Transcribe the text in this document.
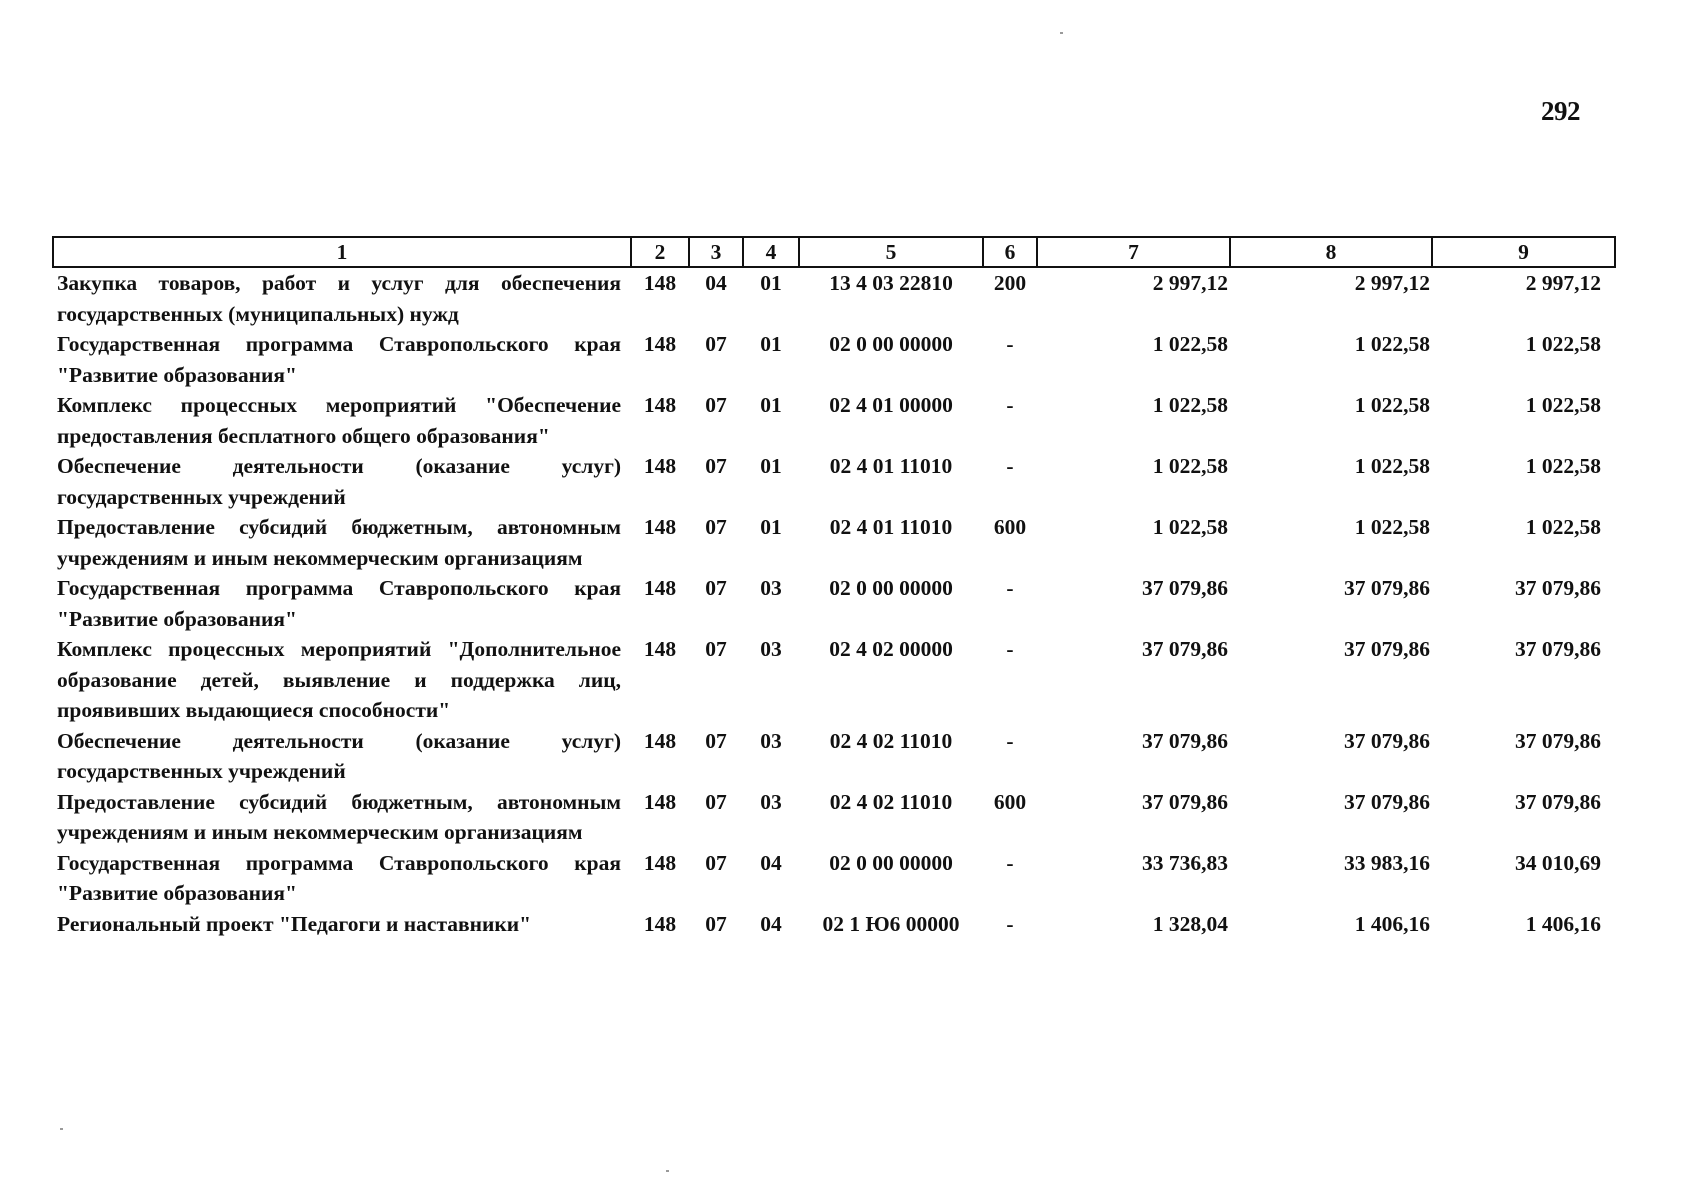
292
1	2	3	4	5	6	7	8	9
Закупка товаров, работ и услуг для обеспечения государственных (муниципальных) нужд	148	04	01	13 4 03 22810	200	2 997,12	2 997,12	2 997,12
Государственная программа Ставропольского края "Развитие образования"	148	07	01	02 0 00 00000	-	1 022,58	1 022,58	1 022,58
Комплекс процессных мероприятий "Обеспечение предоставления бесплатного общего образования"	148	07	01	02 4 01 00000	-	1 022,58	1 022,58	1 022,58
Обеспечение деятельности (оказание услуг) государственных учреждений	148	07	01	02 4 01 11010	-	1 022,58	1 022,58	1 022,58
Предоставление субсидий бюджетным, автономным учреждениям и иным некоммерческим организациям	148	07	01	02 4 01 11010	600	1 022,58	1 022,58	1 022,58
Государственная программа Ставропольского края "Развитие образования"	148	07	03	02 0 00 00000	-	37 079,86	37 079,86	37 079,86
Комплекс процессных мероприятий "Дополнительное образование детей, выявление и поддержка лиц, проявивших выдающиеся способности"	148	07	03	02 4 02 00000	-	37 079,86	37 079,86	37 079,86
Обеспечение деятельности (оказание услуг) государственных учреждений	148	07	03	02 4 02 11010	-	37 079,86	37 079,86	37 079,86
Предоставление субсидий бюджетным, автономным учреждениям и иным некоммерческим организациям	148	07	03	02 4 02 11010	600	37 079,86	37 079,86	37 079,86
Государственная программа Ставропольского края "Развитие образования"	148	07	04	02 0 00 00000	-	33 736,83	33 983,16	34 010,69
Региональный проект "Педагоги и наставники"	148	07	04	02 1 Ю6 00000	-	1 328,04	1 406,16	1 406,16
